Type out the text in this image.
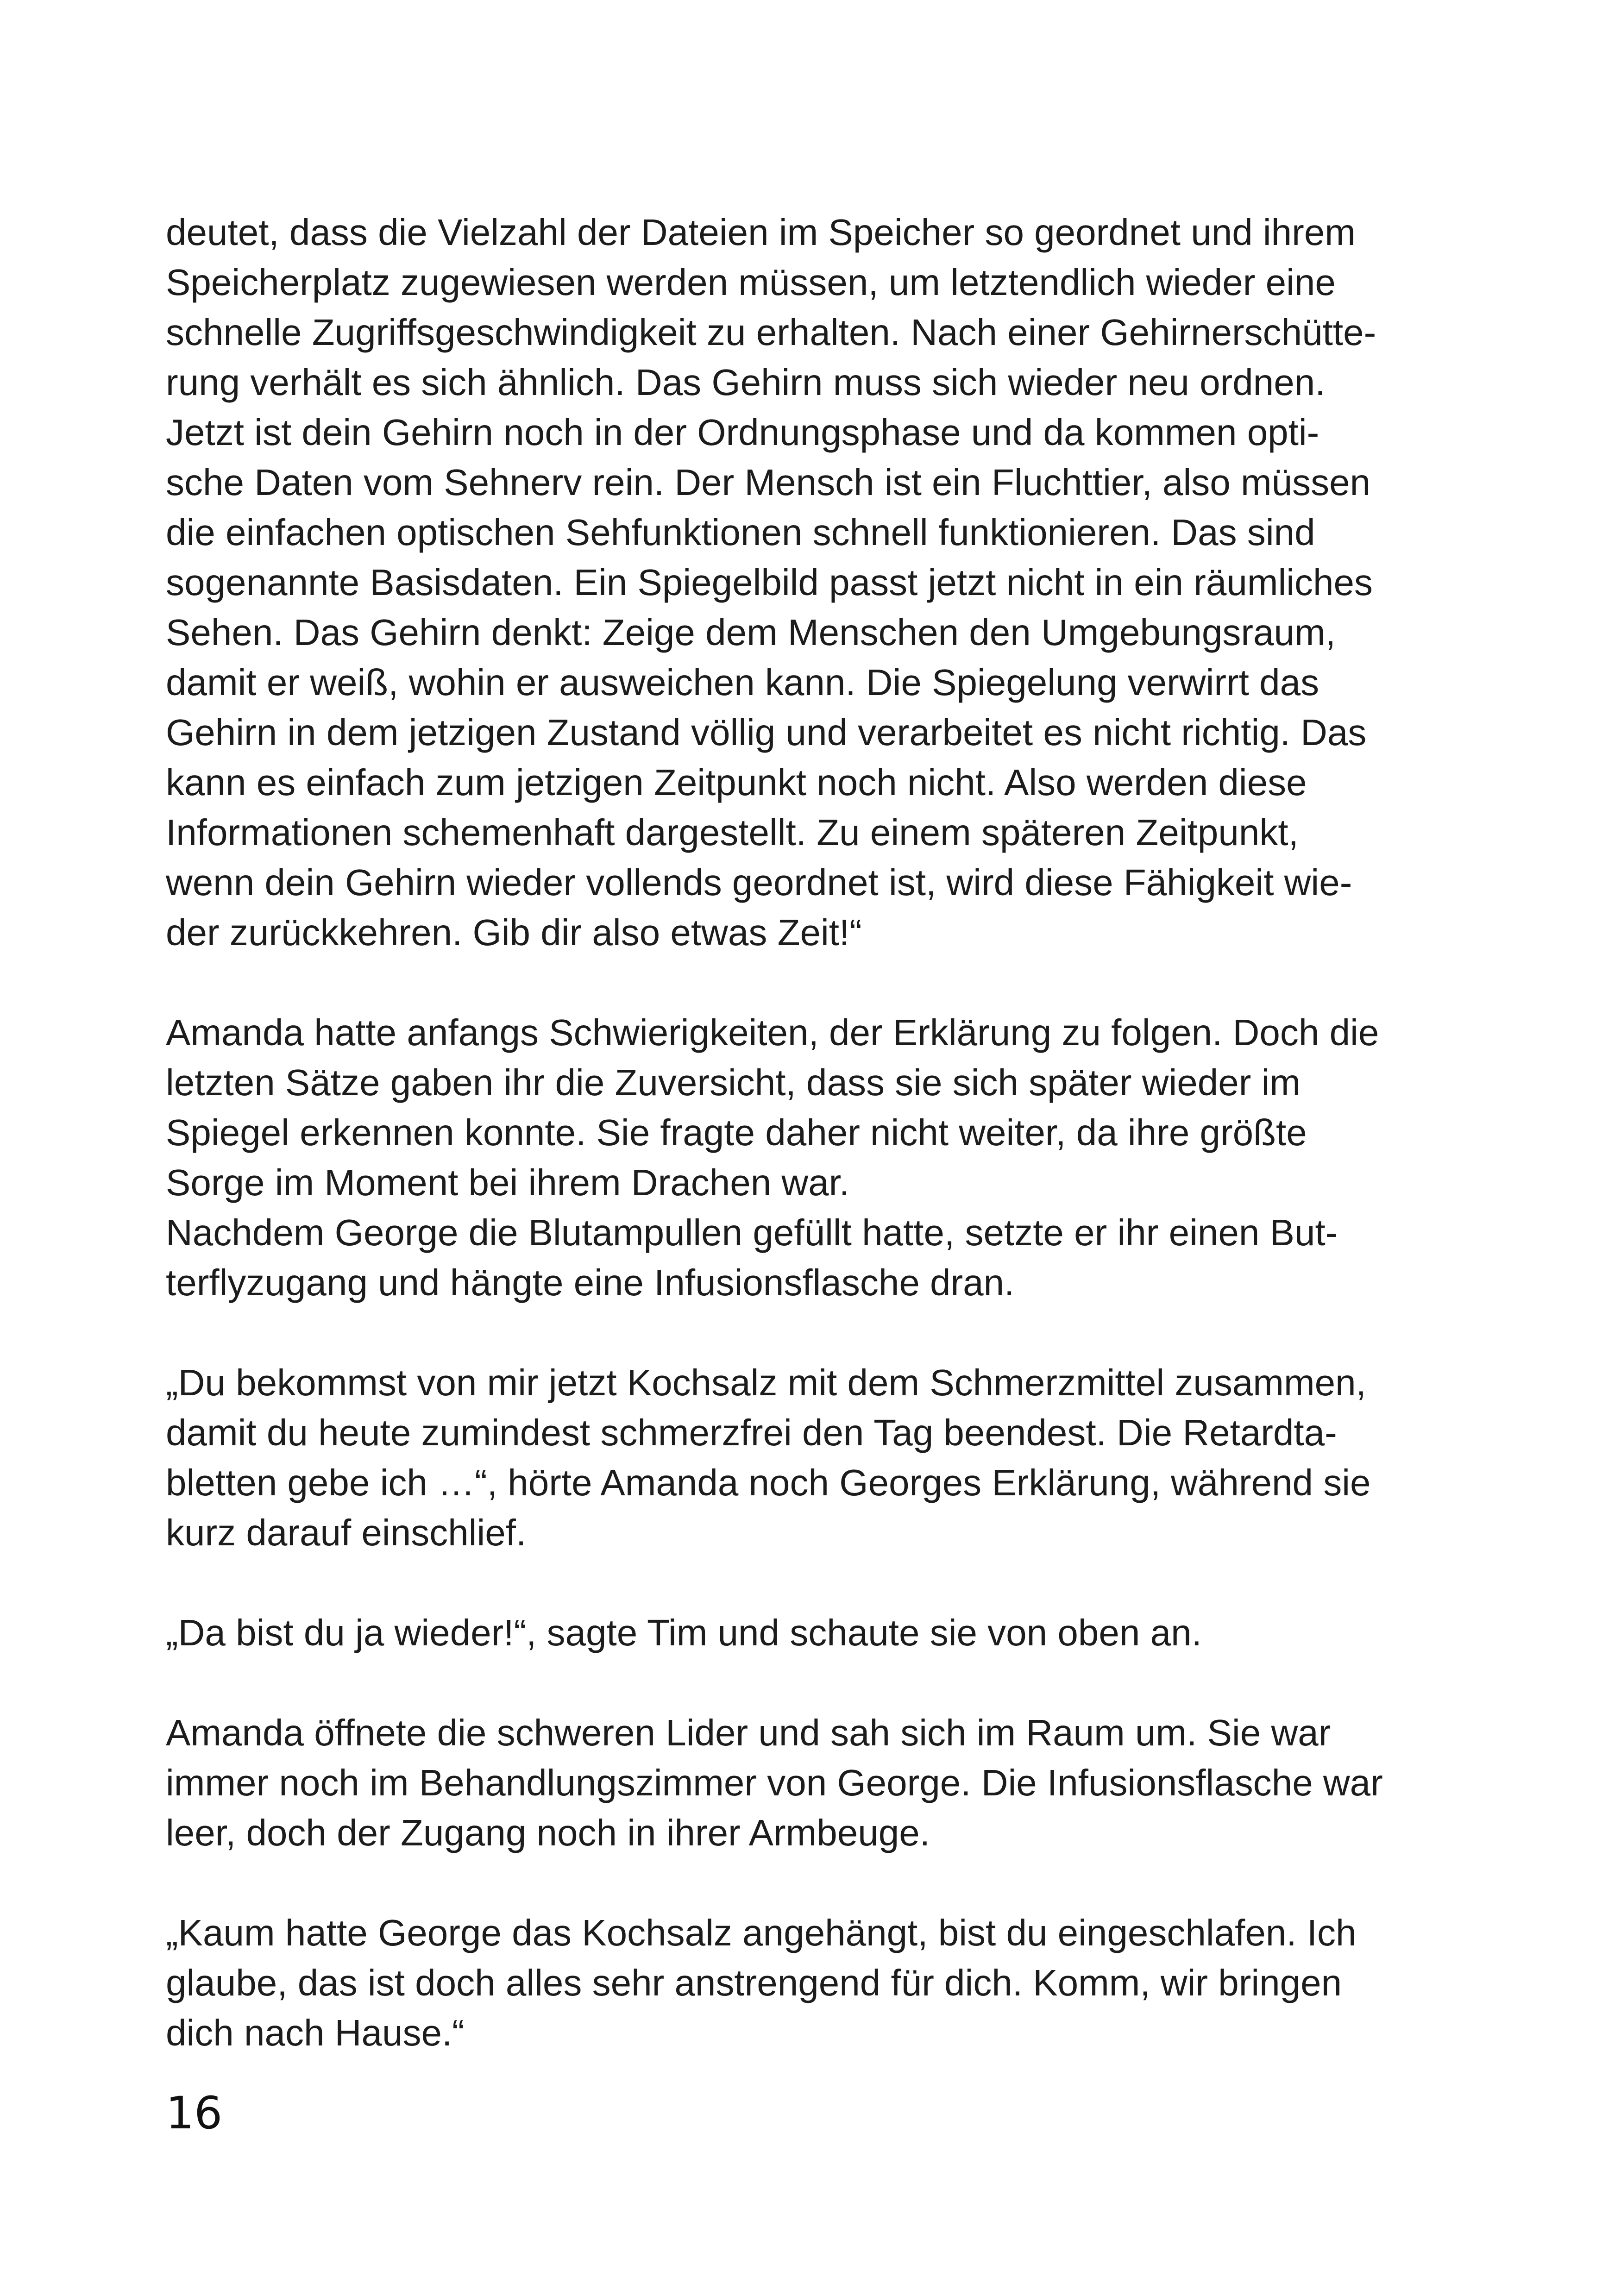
deutet, dass die Vielzahl der Dateien im Speicher so geordnet und ihrem
Speicherplatz zugewiesen werden müssen, um letztendlich wieder eine
schnelle Zugriffsgeschwindigkeit zu erhalten. Nach einer Gehirnerschütte-
rung verhält es sich ähnlich. Das Gehirn muss sich wieder neu ordnen.
Jetzt ist dein Gehirn noch in der Ordnungsphase und da kommen opti-
sche Daten vom Sehnerv rein. Der Mensch ist ein Fluchttier, also müssen
die einfachen optischen Sehfunktionen schnell funktionieren. Das sind
sogenannte Basisdaten. Ein Spiegelbild passt jetzt nicht in ein räumliches
Sehen. Das Gehirn denkt: Zeige dem Menschen den Umgebungsraum,
damit er weiß, wohin er ausweichen kann. Die Spiegelung verwirrt das
Gehirn in dem jetzigen Zustand völlig und verarbeitet es nicht richtig. Das
kann es einfach zum jetzigen Zeitpunkt noch nicht. Also werden diese
Informationen schemenhaft dargestellt. Zu einem späteren Zeitpunkt,
wenn dein Gehirn wieder vollends geordnet ist, wird diese Fähigkeit wie-
der zurückkehren. Gib dir also etwas Zeit!“

Amanda hatte anfangs Schwierigkeiten, der Erklärung zu folgen. Doch die
letzten Sätze gaben ihr die Zuversicht, dass sie sich später wieder im
Spiegel erkennen konnte. Sie fragte daher nicht weiter, da ihre größte
Sorge im Moment bei ihrem Drachen war.

Nachdem George die Blutampullen gefüllt hatte, setzte er ihr einen But-
terflyzugang und hängte eine Infusionsflasche dran.

„Du bekommst von mir jetzt Kochsalz mit dem Schmerzmittel zusammen,
damit du heute zumindest schmerzfrei den Tag beendest. Die Retardta-
bletten gebe ich …“, hörte Amanda noch Georges Erklärung, während sie
kurz darauf einschlief.

„Da bist du ja wieder!“, sagte Tim und schaute sie von oben an.

Amanda öffnete die schweren Lider und sah sich im Raum um. Sie war
immer noch im Behandlungszimmer von George. Die Infusionsflasche war
leer, doch der Zugang noch in ihrer Armbeuge.

„Kaum hatte George das Kochsalz angehängt, bist du eingeschlafen. Ich
glaube, das ist doch alles sehr anstrengend für dich. Komm, wir bringen
dich nach Hause.“

16
